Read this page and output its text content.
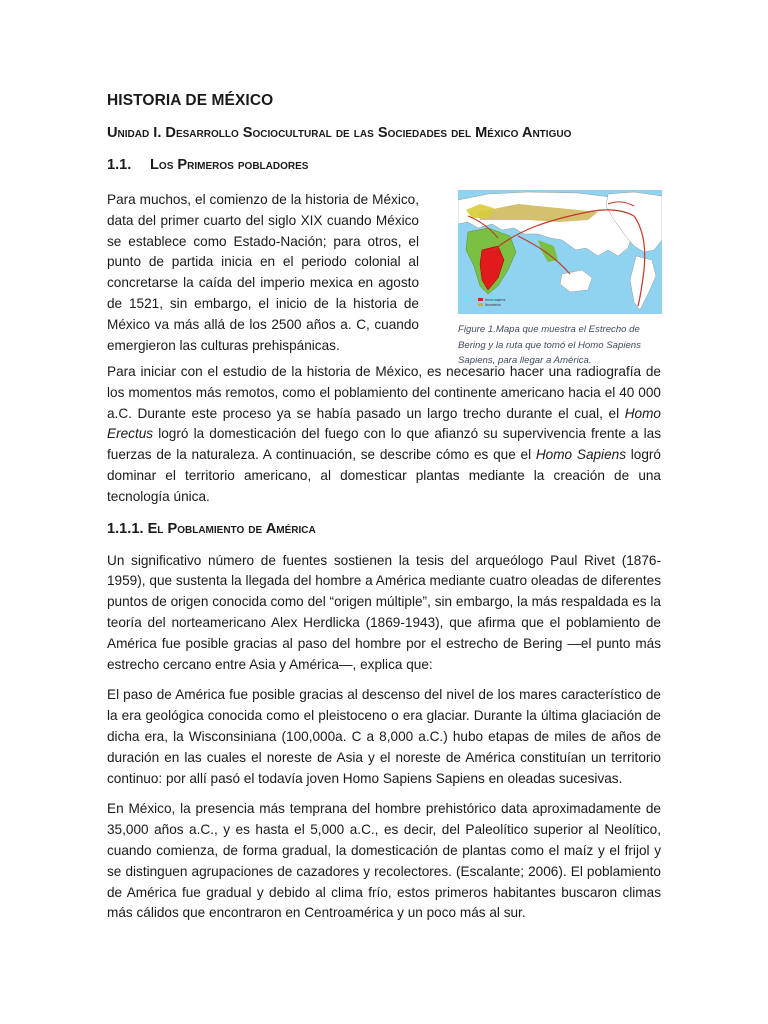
HISTORIA DE MÉXICO
Unidad I. Desarrollo Sociocultural de las Sociedades del México Antiguo
1.1. Los Primeros pobladores

Para muchos, el comienzo de la historia de México, data del primer cuarto del siglo XIX cuando México se establece como Estado-Nación; para otros, el punto de partida inicia en el periodo colonial al concretarse la caída del imperio mexica en agosto de 1521, sin embargo, el inicio de la historia de México va más allá de los 2500 años a. C, cuando emergieron las culturas prehispánicas.

Homo sapiens
Neandertal
Figure 1.Mapa que muestra el Estrecho de Bering y la ruta que tomó el Homo Sapiens Sapiens, para llegar a América.

Para iniciar con el estudio de la historia de México, es necesario hacer una radiografía de los momentos más remotos, como el poblamiento del continente americano hacia el 40 000 a.C. Durante este proceso ya se había pasado un largo trecho durante el cual, el Homo Erectus logró la domesticación del fuego con lo que afianzó su supervivencia frente a las fuerzas de la naturaleza. A continuación, se describe cómo es que el Homo Sapiens logró dominar el territorio americano, al domesticar plantas mediante la creación de una tecnología única.

1.1.1. El Poblamiento de América

Un significativo número de fuentes sostienen la tesis del arqueólogo Paul Rivet (1876-1959), que sustenta la llegada del hombre a América mediante cuatro oleadas de diferentes puntos de origen conocida como del “origen múltiple”, sin embargo, la más respaldada es la teoría del norteamericano Alex Herdlicka (1869-1943), que afirma que el poblamiento de América fue posible gracias al paso del hombre por el estrecho de Bering —el punto más estrecho cercano entre Asia y América—, explica que:

El paso de América fue posible gracias al descenso del nivel de los mares característico de la era geológica conocida como el pleistoceno o era glaciar. Durante la última glaciación de dicha era, la Wisconsiniana (100,000a. C a 8,000 a.C.) hubo etapas de miles de años de duración en las cuales el noreste de Asia y el noreste de América constituían un territorio continuo: por allí pasó el todavía joven Homo Sapiens Sapiens en oleadas sucesivas.

En México, la presencia más temprana del hombre prehistórico data aproximadamente de 35,000 años a.C., y es hasta el 5,000 a.C., es decir, del Paleolítico superior al Neolítico, cuando comienza, de forma gradual, la domesticación de plantas como el maíz y el frijol y se distinguen agrupaciones de cazadores y recolectores. (Escalante; 2006). El poblamiento de América fue gradual y debido al clima frío, estos primeros habitantes buscaron climas más cálidos que encontraron en Centroamérica y un poco más al sur.
